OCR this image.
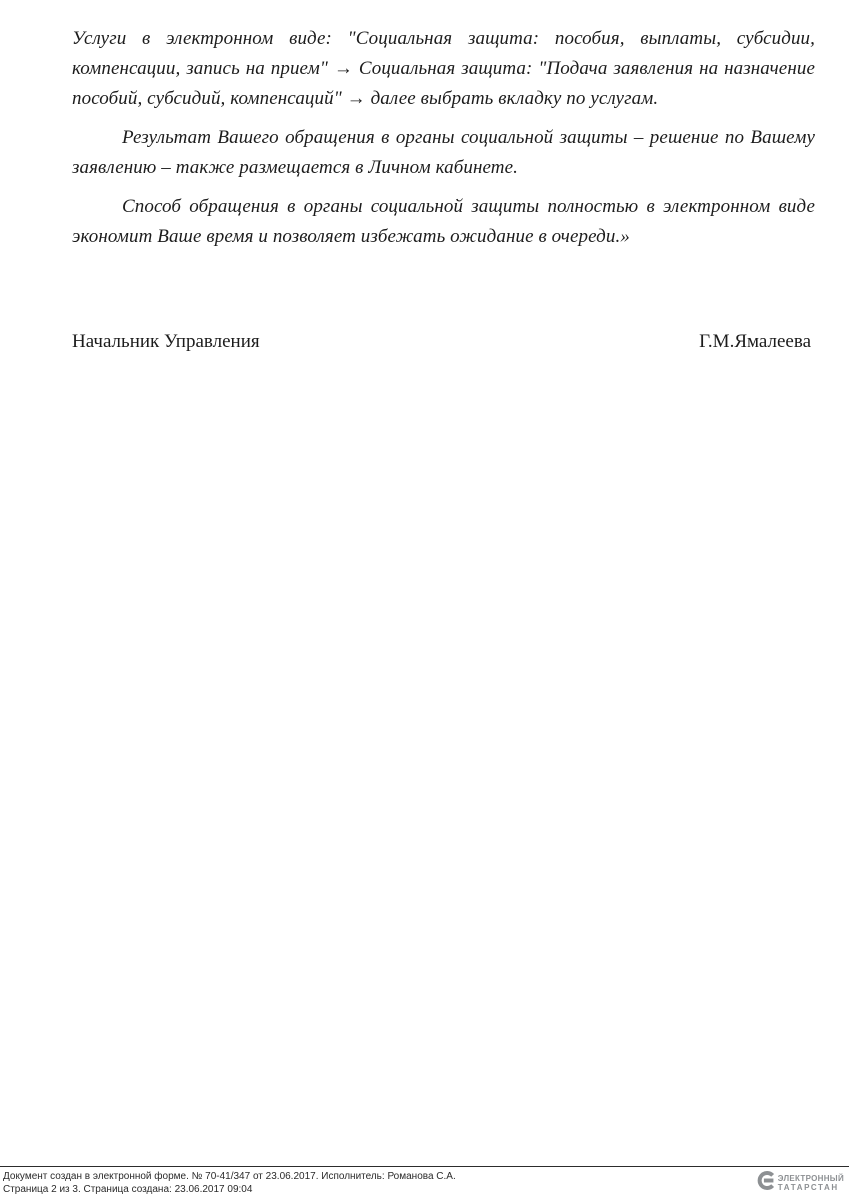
Услуги в электронном виде: "Социальная защита: пособия, выплаты, субсидии, компенсации, запись на прием" → Социальная защита: "Подача заявления на назначение пособий, субсидий, компенсаций" → далее выбрать вкладку по услугам.

Результат Вашего обращения в органы социальной защиты – решение по Вашему заявлению – также размещается в Личном кабинете.

Способ обращения в органы социальной защиты полностью в электронном виде экономит Ваше время и позволяет избежать ожидание в очереди.»

Начальник Управления	Г.М.Ямалеева
Документ создан в электронной форме. № 70-41/347 от 23.06.2017. Исполнитель: Романова С.А.
Страница 2 из 3. Страница создана: 23.06.2017 09:04
ЭЛЕКТРОННЫЙ
ТАТАРСТАН
